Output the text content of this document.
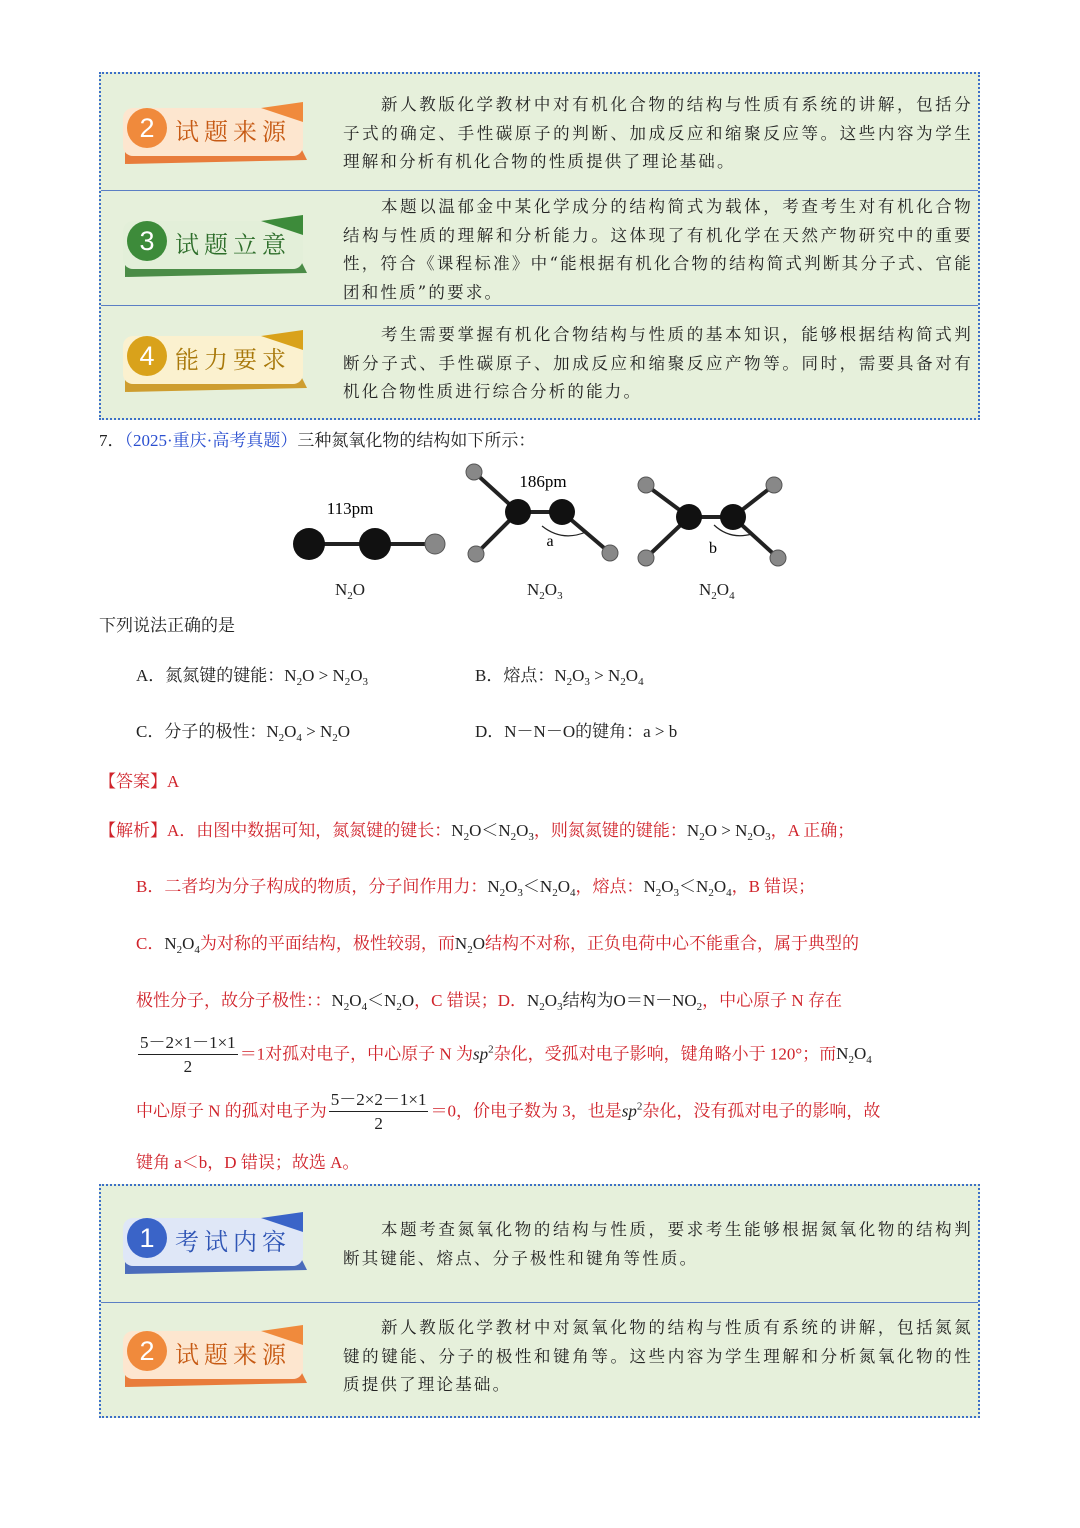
2 试题来源
新人教版化学教材中对有机化合物的结构与性质有系统的讲解，包括分子式的确定、手性碳原子的判断、加成反应和缩聚反应等。这些内容为学生理解和分析有机化合物的性质提供了理论基础。
3 试题立意
本题以温郁金中某化学成分的结构简式为载体，考查考生对有机化合物结构与性质的理解和分析能力。这体现了有机化学在天然产物研究中的重要性，符合《课程标准》中“能根据有机化合物的结构简式判断其分子式、官能团和性质”的要求。
4 能力要求
考生需要掌握有机化合物结构与性质的基本知识，能够根据结构简式判断分子式、手性碳原子、加成反应和缩聚反应产物等。同时，需要具备对有机化合物性质进行综合分析的能力。
7．（2025·重庆·高考真题）三种氮氧化物的结构如下所示：
113pm
186pm
a	b
$N_2O$	$N_2O_3$	$N_2O_4$
下列说法正确的是
A．氮氮键的键能：$N_2O > N_2O_3$	B．熔点：$N_2O_3 > N_2O_4$
C．分子的极性：$N_2O_4 > N_2O$	D．N－N－O的键角：a > b
【答案】A
【解析】A．由图中数据可知，氮氮键的键长：$N_2O<N_2O_3$，则氮氮键的键能：$N_2O > N_2O_3$，A 正确；
B．二者均为分子构成的物质，分子间作用力：$N_2O_3<N_2O_4$，熔点：$N_2O_3<N_2O_4$，B 错误；
C．$N_2O_4$为对称的平面结构，极性较弱，而$N_2O$结构不对称，正负电荷中心不能重合，属于典型的
极性分子，故分子极性：：$N_2O_4<N_2O$，C 错误；D．$N_2O_3$结构为$O=N-NO_2$，中心原子 N 存在
$\frac{5-2\times 1-1\times 1}{2} =1$对孤对电子，中心原子 N 为$sp^2$杂化，受孤对电子影响，键角略小于 120°；而$N_2O_4$
中心原子 N 的孤对电子为 $\frac{5-2\times 2-1\times 1}{2} =0$，价电子数为 3，也是$sp^2$杂化，没有孤对电子的影响，故
键角 a＜b，D 错误；故选 A。
1 考试内容	本题考查氮氧化物的结构与性质，要求考生能够根据氮氧化物的结构判断其键能、熔点、分子极性和键角等性质。
2 试题来源
新人教版化学教材中对氮氧化物的结构与性质有系统的讲解，包括氮氮键的键能、分子的极性和键角等。这些内容为学生理解和分析氮氧化物的性质提供了理论基础。
